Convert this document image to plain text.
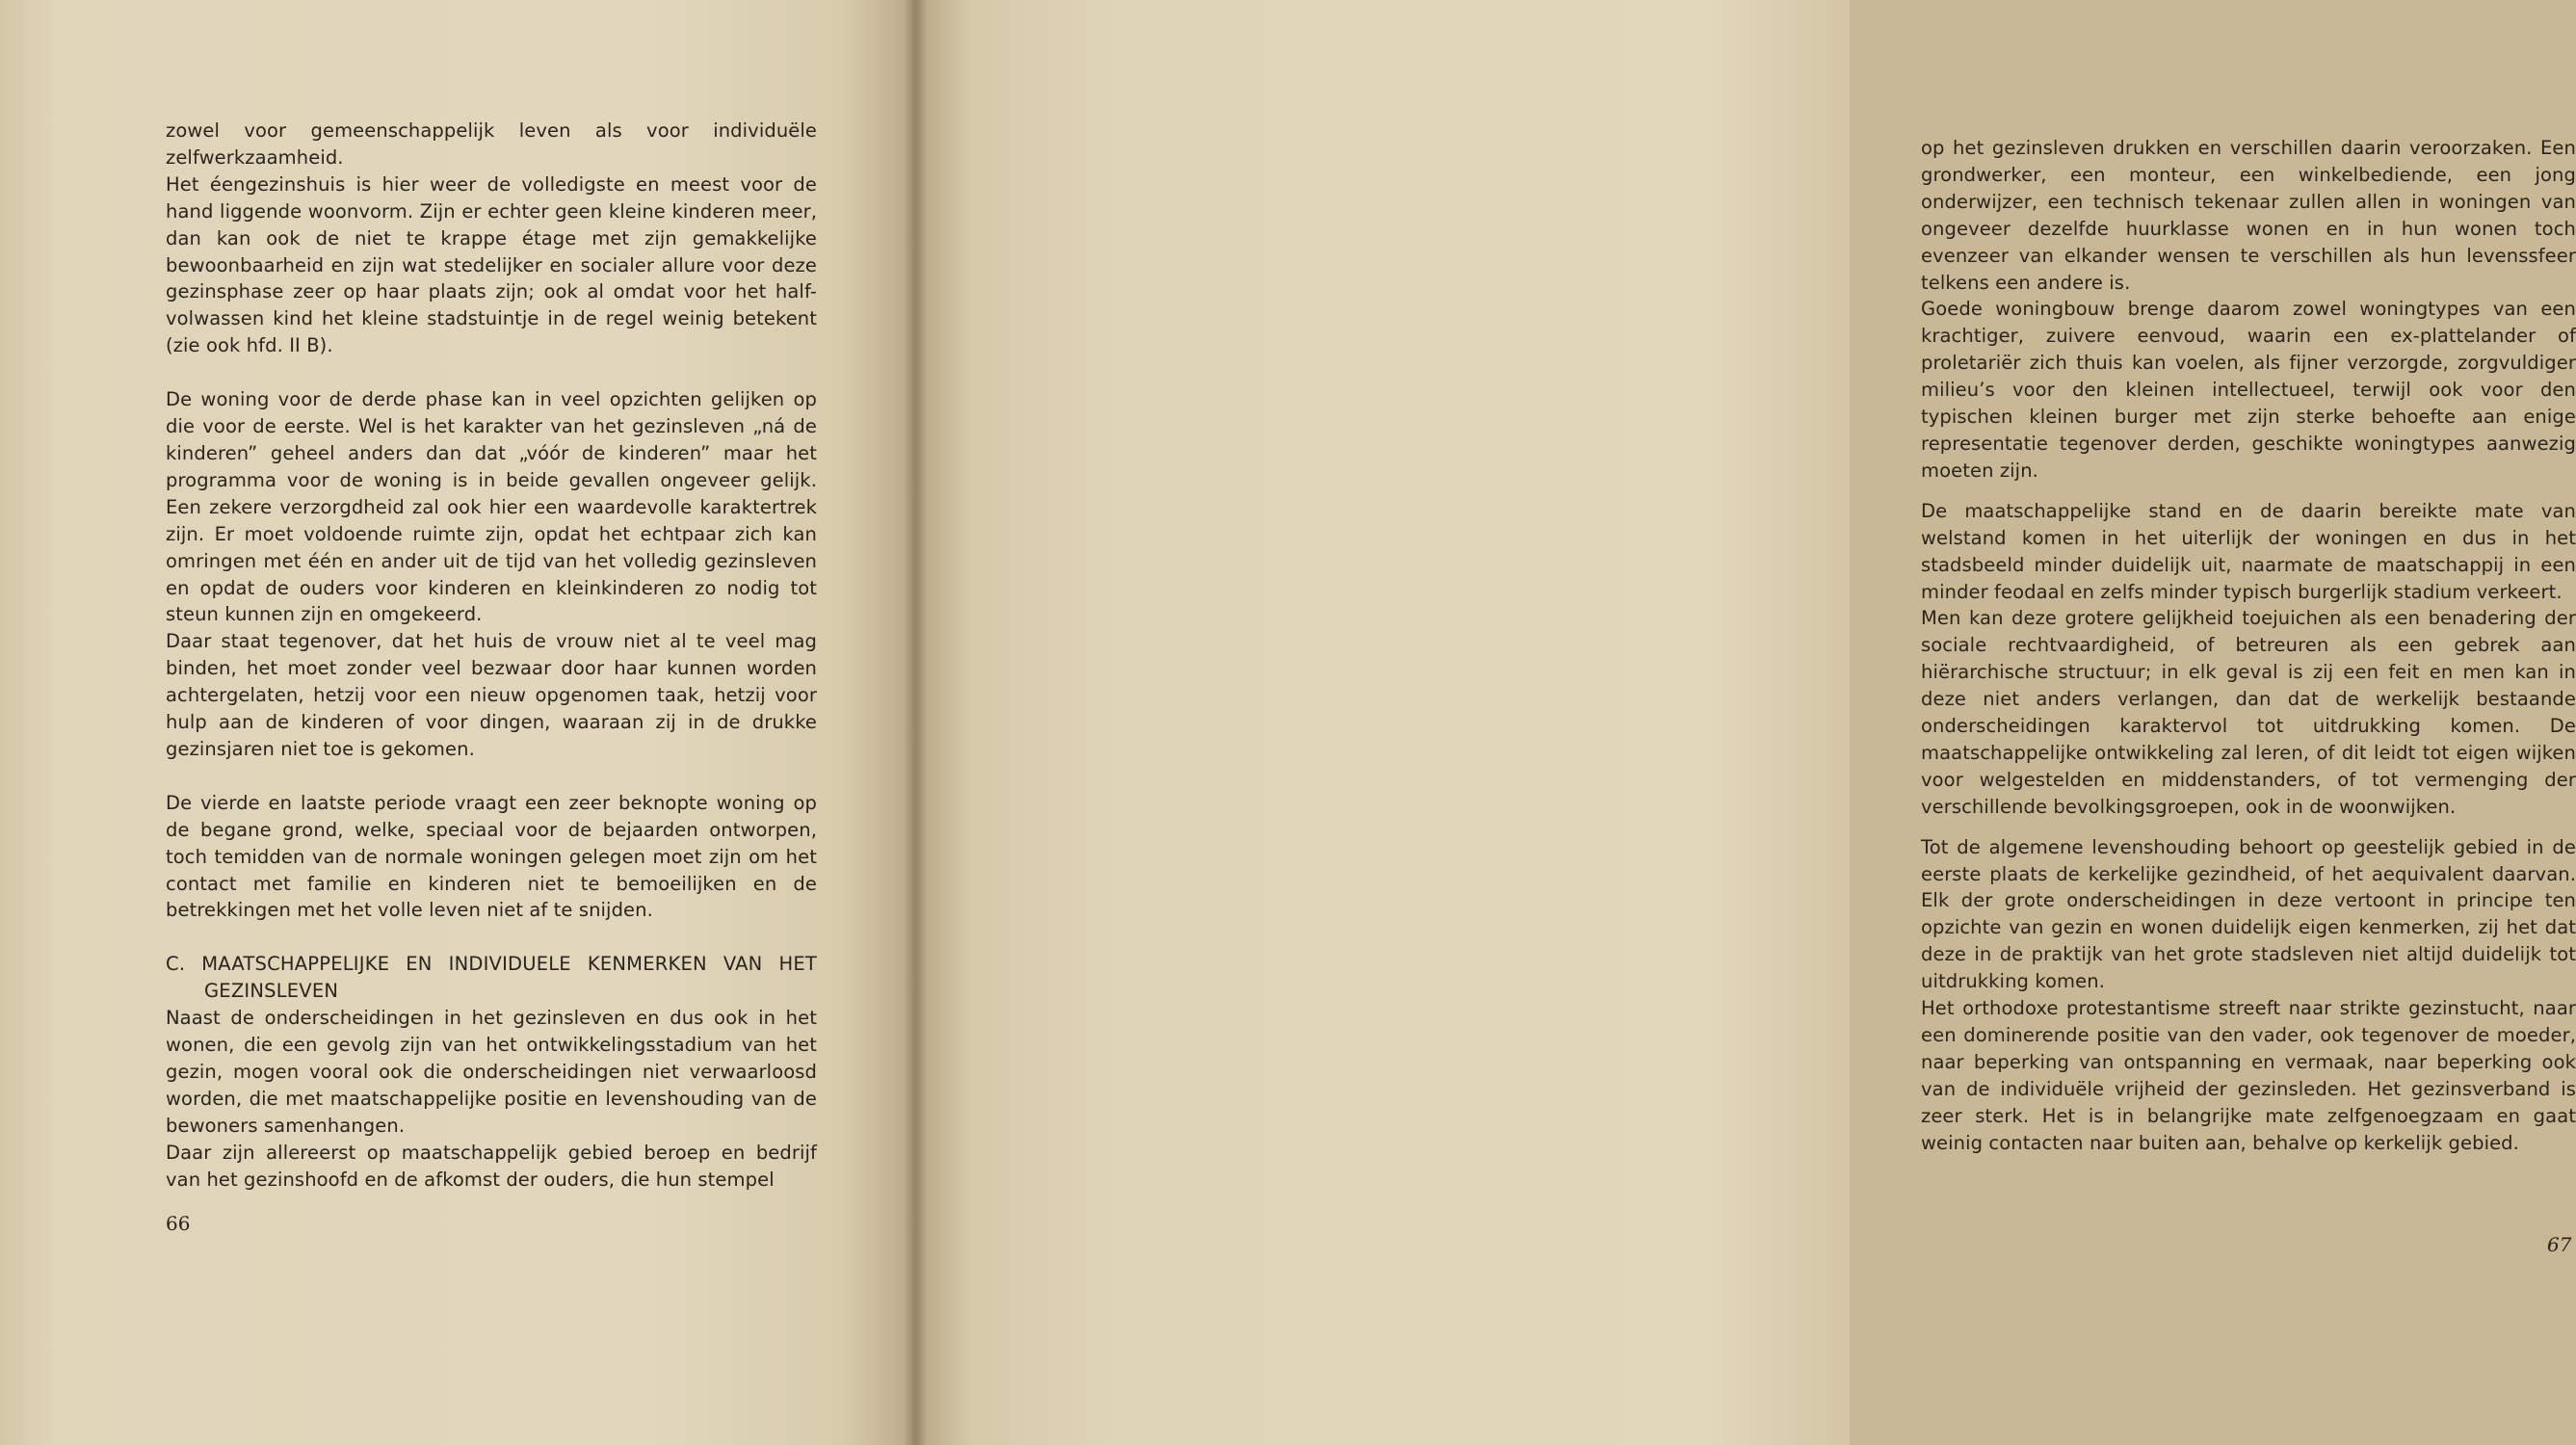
zowel voor gemeenschappelijk leven als voor individuële zelfwerkzaamheid.

Het éengezinshuis is hier weer de volledigste en meest voor de hand liggende woonvorm. Zijn er echter geen kleine kinderen meer, dan kan ook de niet te krappe étage met zijn gemakkelijke bewoonbaarheid en zijn wat stedelijker en socialer allure voor deze gezinsphase zeer op haar plaats zijn; ook al omdat voor het half-volwassen kind het kleine stadstuintje in de regel weinig betekent (zie ook hfd. II B).

De woning voor de derde phase kan in veel opzichten gelijken op die voor de eerste. Wel is het karakter van het gezinsleven „ná de kinderen” geheel anders dan dat „vóór de kinderen” maar het programma voor de woning is in beide gevallen ongeveer gelijk. Een zekere verzorgdheid zal ook hier een waardevolle karaktertrek zijn. Er moet voldoende ruimte zijn, opdat het echtpaar zich kan omringen met één en ander uit de tijd van het volledig gezinsleven en opdat de ouders voor kinderen en kleinkinderen zo nodig tot steun kunnen zijn en omgekeerd.

Daar staat tegenover, dat het huis de vrouw niet al te veel mag binden, het moet zonder veel bezwaar door haar kunnen worden achtergelaten, hetzij voor een nieuw opgenomen taak, hetzij voor hulp aan de kinderen of voor dingen, waaraan zij in de drukke gezinsjaren niet toe is gekomen.

De vierde en laatste periode vraagt een zeer beknopte woning op de begane grond, welke, speciaal voor de bejaarden ontworpen, toch temidden van de normale woningen gelegen moet zijn om het contact met familie en kinderen niet te bemoeilijken en de betrekkingen met het volle leven niet af te snijden.

C. MAATSCHAPPELIJKE EN INDIVIDUELE KENMERKEN VAN HET GEZINSLEVEN

Naast de onderscheidingen in het gezinsleven en dus ook in het wonen, die een gevolg zijn van het ontwikkelingsstadium van het gezin, mogen vooral ook die onderscheidingen niet verwaarloosd worden, die met maatschappelijke positie en levenshouding van de bewoners samenhangen.

Daar zijn allereerst op maatschappelijk gebied beroep en bedrijf van het gezinshoofd en de afkomst der ouders, die hun stempel

66

op het gezinsleven drukken en verschillen daarin veroorzaken. Een grondwerker, een monteur, een winkelbediende, een jong onderwijzer, een technisch tekenaar zullen allen in woningen van ongeveer dezelfde huurklasse wonen en in hun wonen toch evenzeer van elkander wensen te verschillen als hun levenssfeer telkens een andere is.

Goede woningbouw brenge daarom zowel woningtypes van een krachtiger, zuivere eenvoud, waarin een ex-plattelander of proletariër zich thuis kan voelen, als fijner verzorgde, zorgvuldiger milieu’s voor den kleinen intellectueel, terwijl ook voor den typischen kleinen burger met zijn sterke behoefte aan enige representatie tegenover derden, geschikte woningtypes aanwezig moeten zijn.

De maatschappelijke stand en de daarin bereikte mate van welstand komen in het uiterlijk der woningen en dus in het stadsbeeld minder duidelijk uit, naarmate de maatschappij in een minder feodaal en zelfs minder typisch burgerlijk stadium verkeert.

Men kan deze grotere gelijkheid toejuichen als een benadering der sociale rechtvaardigheid, of betreuren als een gebrek aan hiërarchische structuur; in elk geval is zij een feit en men kan in deze niet anders verlangen, dan dat de werkelijk bestaande onderscheidingen karaktervol tot uitdrukking komen. De maatschappelijke ontwikkeling zal leren, of dit leidt tot eigen wijken voor welgestelden en middenstanders, of tot vermenging der verschillende bevolkingsgroepen, ook in de woonwijken.

Tot de algemene levenshouding behoort op geestelijk gebied in de eerste plaats de kerkelijke gezindheid, of het aequivalent daarvan. Elk der grote onderscheidingen in deze vertoont in principe ten opzichte van gezin en wonen duidelijk eigen kenmerken, zij het dat deze in de praktijk van het grote stadsleven niet altijd duidelijk tot uitdrukking komen.

Het orthodoxe protestantisme streeft naar strikte gezinstucht, naar een dominerende positie van den vader, ook tegenover de moeder, naar beperking van ontspanning en vermaak, naar beperking ook van de individuële vrijheid der gezinsleden. Het gezinsverband is zeer sterk. Het is in belangrijke mate zelfgenoegzaam en gaat weinig contacten naar buiten aan, behalve op kerkelijk gebied.

67
